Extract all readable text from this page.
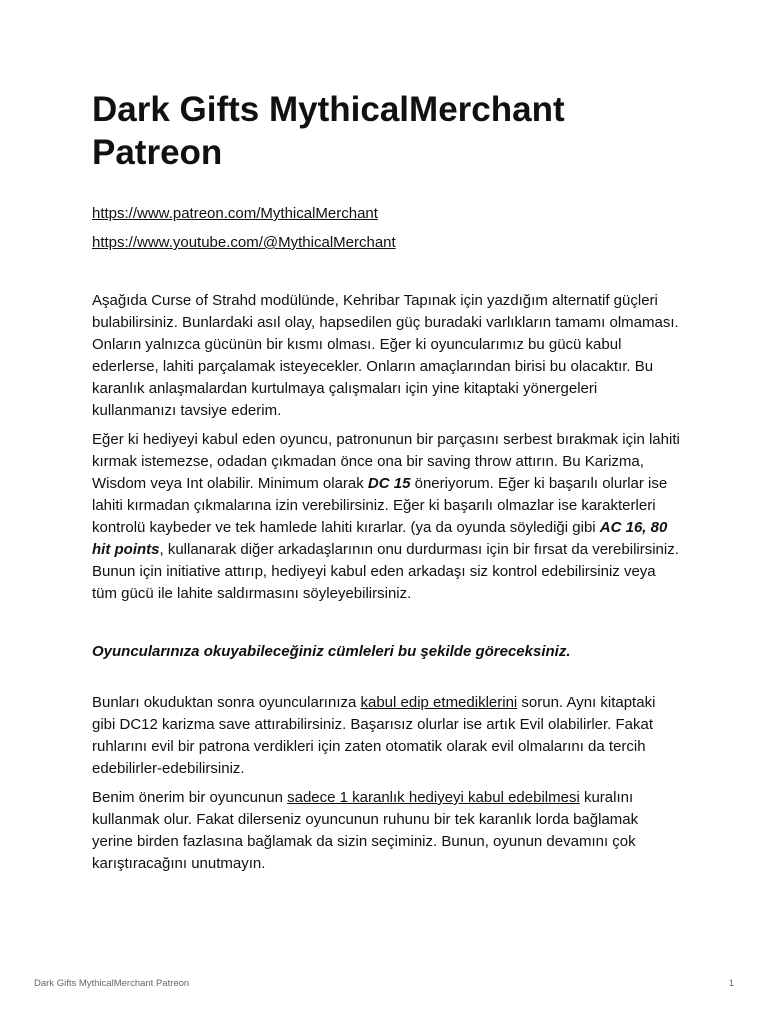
Dark Gifts MythicalMerchant Patreon
https://www.patreon.com/MythicalMerchant
https://www.youtube.com/@MythicalMerchant

Aşağıda Curse of Strahd modülünde, Kehribar Tapınak için yazdığım alternatif güçleri bulabilirsiniz. Bunlardaki asıl olay, hapsedilen güç buradaki varlıkların tamamı olmaması. Onların yalnızca gücünün bir kısmı olması. Eğer ki oyuncularımız bu gücü kabul ederlerse, lahiti parçalamak isteyecekler. Onların amaçlarından birisi bu olacaktır. Bu karanlık anlaşmalardan kurtulmaya çalışmaları için yine kitaptaki yönergeleri kullanmanızı tavsiye ederim.

Eğer ki hediyeyi kabul eden oyuncu, patronunun bir parçasını serbest bırakmak için lahiti kırmak istemezse, odadan çıkmadan önce ona bir saving throw attırın. Bu Karizma, Wisdom veya Int olabilir. Minimum olarak DC 15 öneriyorum. Eğer ki başarılı olurlar ise lahiti kırmadan çıkmalarına izin verebilirsiniz. Eğer ki başarılı olmazlar ise karakterleri kontrolü kaybeder ve tek hamlede lahiti kırarlar. (ya da oyunda söylediği gibi AC 16, 80 hit points, kullanarak diğer arkadaşlarının onu durdurması için bir fırsat da verebilirsiniz. Bunun için initiative attırıp, hediyeyi kabul eden arkadaşı siz kontrol edebilirsiniz veya tüm gücü ile lahite saldırmasını söyleyebilirsiniz.

Oyuncularınıza okuyabileceğiniz cümleleri bu şekilde göreceksiniz.

Bunları okuduktan sonra oyuncularınıza kabul edip etmediklerini sorun. Aynı kitaptaki gibi DC12 karizma save attırabilirsiniz. Başarısız olurlar ise artık Evil olabilirler. Fakat ruhlarını evil bir patrona verdikleri için zaten otomatik olarak evil olmalarını da tercih edebilirler-edebilirsiniz.

Benim önerim bir oyuncunun sadece 1 karanlık hediyeyi kabul edebilmesi kuralını kullanmak olur. Fakat dilerseniz oyuncunun ruhunu bir tek karanlık lorda bağlamak yerine birden fazlasına bağlamak da sizin seçiminiz. Bunun, oyunun devamını çok karıştıracağını unutmayın.

Dark Gifts MythicalMerchant Patreon	1
